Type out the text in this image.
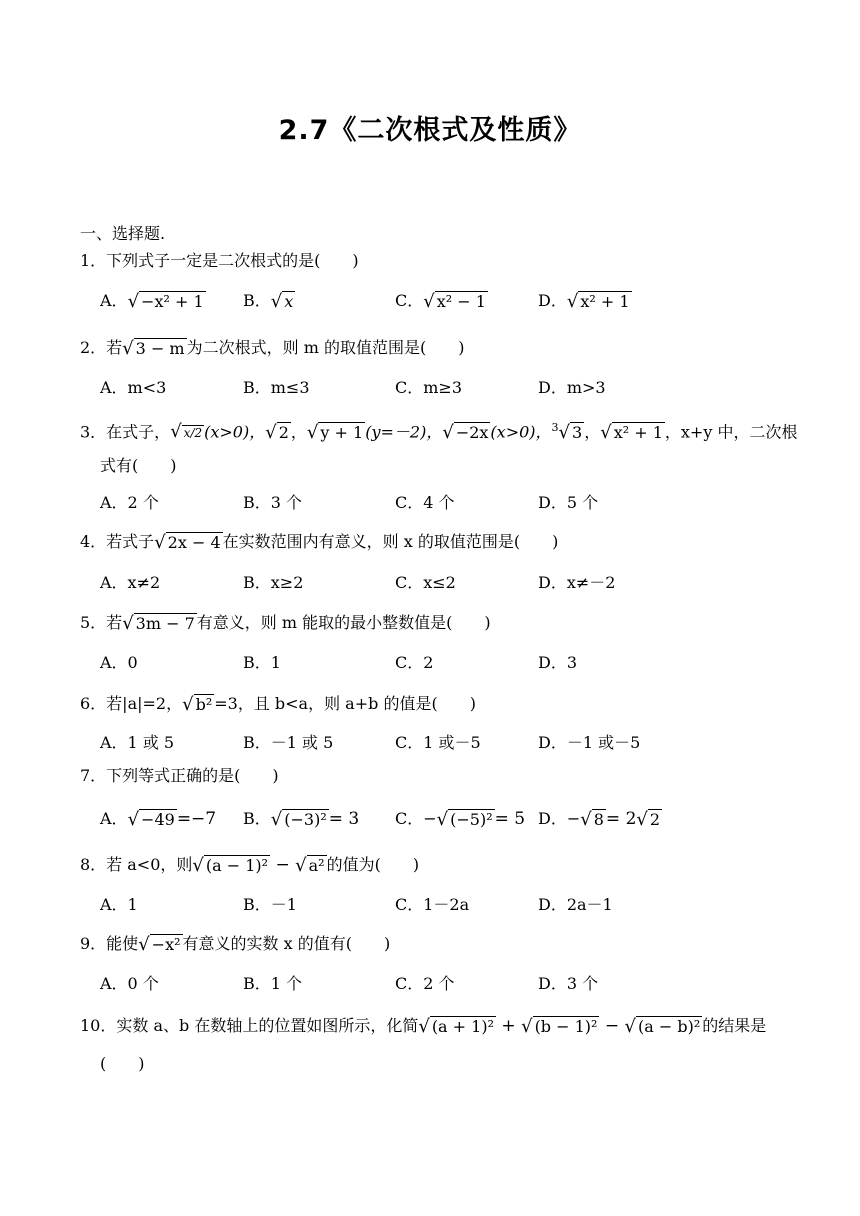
2.7《二次根式及性质》
一、选择题.
1．下列式子一定是二次根式的是(　　)
A．√ −x² + 1 B．√ x	C．√ x² − 1	D．√ x² + 1
2．若√ 3 − m 为二次根式，则 m 的取值范围是(　　)
A．m<3	B．m≤3	C．m≥3	D．m>3
3．在式子，√ x/2 (x>0)，√ 2 ，√ y + 1 (y=－2)，√ −2x (x>0)，$^3$√ 3 ，√ x² + 1 ，x+y 中，二次根
式有(　　)
A．2 个	B．3 个	C．4 个	D．5 个
4．若式子√ 2x − 4 在实数范围内有意义，则 x 的取值范围是(　　)
A．x≠2	B．x≥2	C．x≤2	D．x≠－2
5．若√ 3m − 7 有意义，则 m 能取的最小整数值是(　　)
A．0	B．1	C．2	D．3
6．若|a|=2，√ b² =3，且 b<a，则 a+b 的值是(　　)
A．1 或 5	B．－1 或 5	C．1 或－5	D．－1 或－5
7．下列等式正确的是(　　)
A．√ −49 =−7 B．√ (−3)² = 3 C．−√ (−5)² = 5 D．−√ 8 = 2√ 2
8．若 a<0，则√ (a − 1)² − √ a² 的值为(　　)
A．1	B．－1	C．1－2a	D．2a－1
9．能使√ −x² 有意义的实数 x 的值有(　　)
A．0 个	B．1 个	C．2 个	D．3 个
10．实数 a、b 在数轴上的位置如图所示，化简√ (a + 1)² + √ (b − 1)² − √ (a − b)² 的结果是
(　　)
